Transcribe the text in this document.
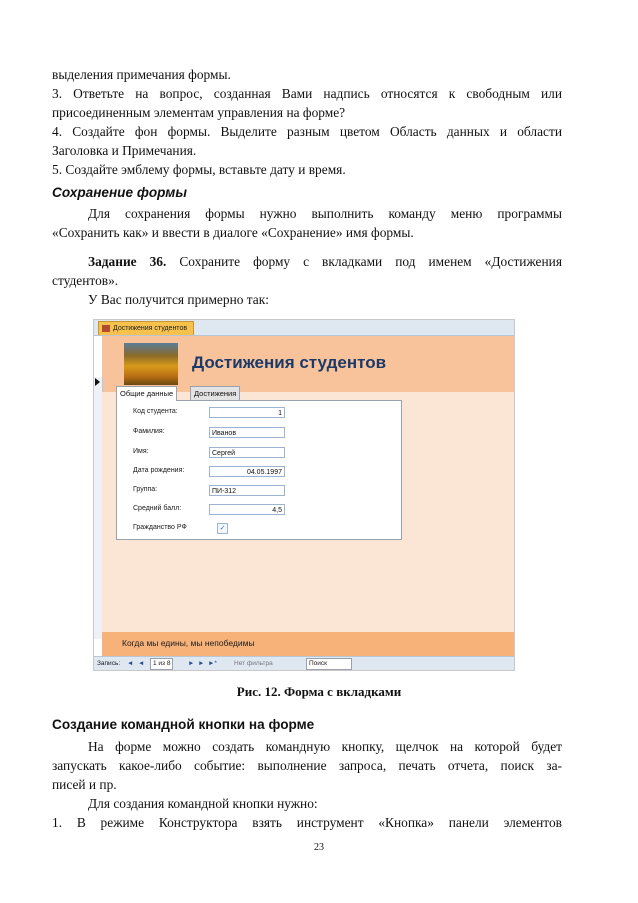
выделения примечания формы.
3. Ответьте на вопрос, созданная Вами надпись относятся к свободным или
присоединенным элементам управления на форме?
4. Создайте фон формы. Выделите разным цветом Область данных и области
Заголовка и Примечания.
5. Создайте эмблему формы, вставьте дату и время.
Сохранение формы
Для сохранения формы нужно выполнить команду меню программы
«Сохранить как» и ввести в диалоге «Сохранение» имя формы.
Задание 36. Сохраните форму с вкладками под именем «Достижения
студентов».
У Вас получится примерно так:
Достижения студентов
Достижения студентов
Общие данные	Достижения
Код студента:	1
Фамилия:	Иванов
Имя:	Сергей
Дата рождения:	04.05.1997
Группа:	ПИ-312
Средний балл:	4,5
Гражданство РФ	✓
Когда мы едины, мы непобедимы
Запись: ◄ ◄	1 из 8	► ► ►*	Нет фильтра	Поиск
Рис. 12. Форма с вкладками
Создание командной кнопки на форме
На форме можно создать командную кнопку, щелчок на которой будет
запускать какое-либо событие: выполнение запроса, печать отчета, поиск за-
писей и пр.
Для создания командной кнопки нужно:
1. В режиме Конструктора взять инструмент «Кнопка» панели элементов
23
